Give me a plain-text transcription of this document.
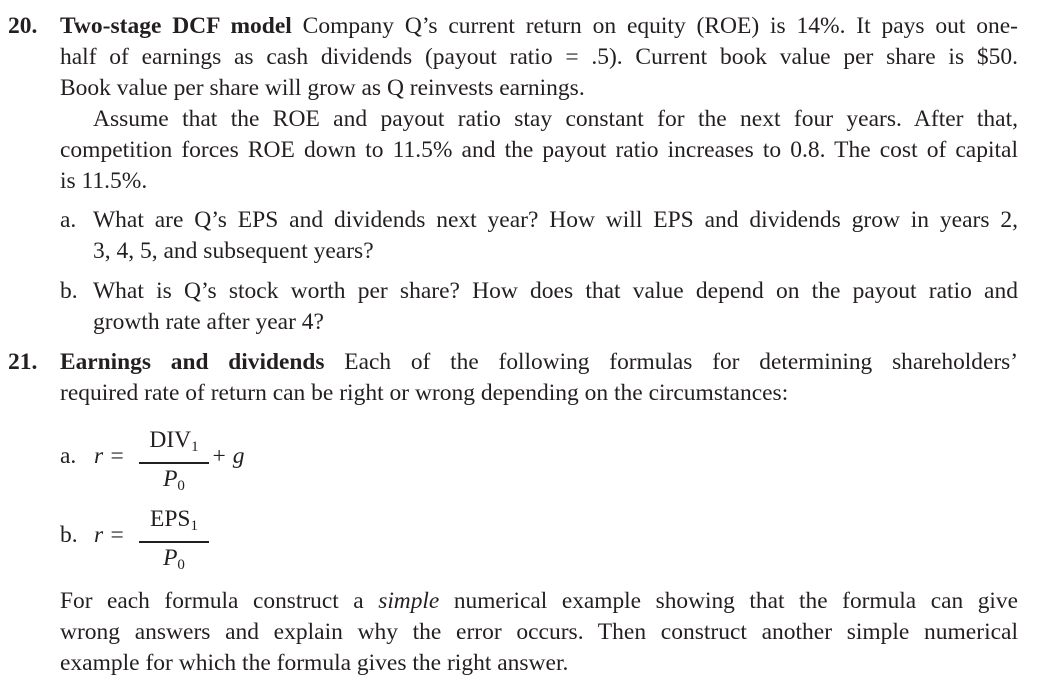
20. Two-stage DCF model Company Q’s current return on equity (ROE) is 14%. It pays out one-
half of earnings as cash dividends (payout ratio = .5). Current book value per share is $50.
Book value per share will grow as Q reinvests earnings.
Assume that the ROE and payout ratio stay constant for the next four years. After that,
competition forces ROE down to 11.5% and the payout ratio increases to 0.8. The cost of capital
is 11.5%.
a. What are Q’s EPS and dividends next year? How will EPS and dividends grow in years 2,
3, 4, 5, and subsequent years?
b. What is Q’s stock worth per share? How does that value depend on the payout ratio and
growth rate after year 4?
21. Earnings and dividends Each of the following formulas for determining shareholders’
required rate of return can be right or wrong depending on the circumstances:
a. r =
$DIV_1$
$P_0$
+ g
b. r =
$EPS_1$
$P_0$
For each formula construct a simple numerical example showing that the formula can give
wrong answers and explain why the error occurs. Then construct another simple numerical
example for which the formula gives the right answer.
